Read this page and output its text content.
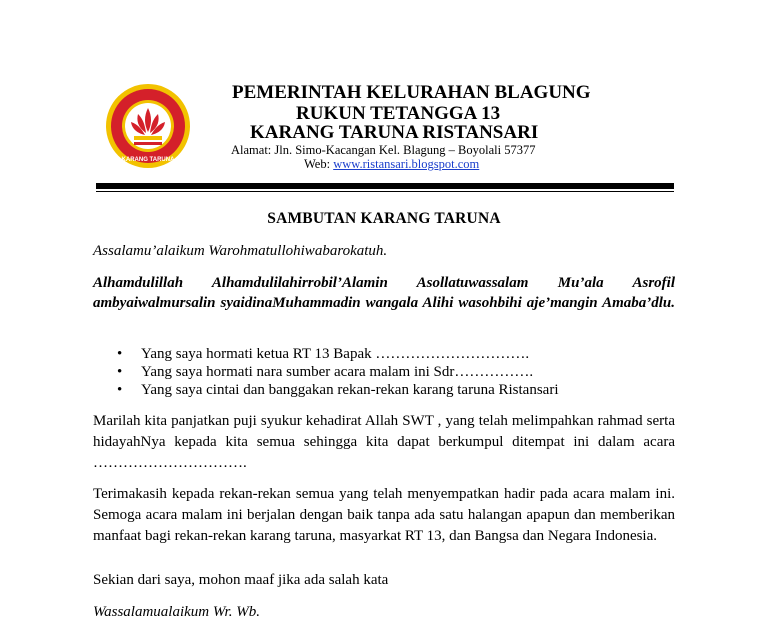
KARANG TARUNA
PEMERINTAH KELURAHAN BLAGUNG
RUKUN TETANGGA 13
KARANG TARUNA RISTANSARI
Alamat: Jln. Simo-Kacangan Kel. Blagung – Boyolali 57377
Web: www.ristansari.blogspot.com
SAMBUTAN KARANG TARUNA
Assalamu’alaikum Warohmatullohiwabarokatuh.
Alhamdulillah Alhamdulilahirrobil’Alamin Asollatuwassalam Mu’ala Asrofil ambyaiwalmursalin syaidinaMuhammadin wangala Alihi wasohbihi aje’mangin Amaba’dlu.
• Yang saya hormati ketua RT 13 Bapak ………………………….
• Yang saya hormati nara sumber acara malam ini Sdr…………….
• Yang saya cintai dan banggakan rekan-rekan karang taruna Ristansari
Marilah kita panjatkan puji syukur kehadirat Allah SWT , yang telah melimpahkan rahmad serta hidayahNya kepada kita semua sehingga kita dapat berkumpul ditempat ini dalam acara ………………………….
Terimakasih kepada rekan-rekan semua yang telah menyempatkan hadir pada acara malam ini. Semoga acara malam ini berjalan dengan baik tanpa ada satu halangan apapun dan memberikan manfaat bagi rekan-rekan karang taruna, masyarkat RT 13, dan Bangsa dan Negara Indonesia.
Sekian dari saya, mohon maaf jika ada salah kata
Wassalamualaikum Wr. Wb.
